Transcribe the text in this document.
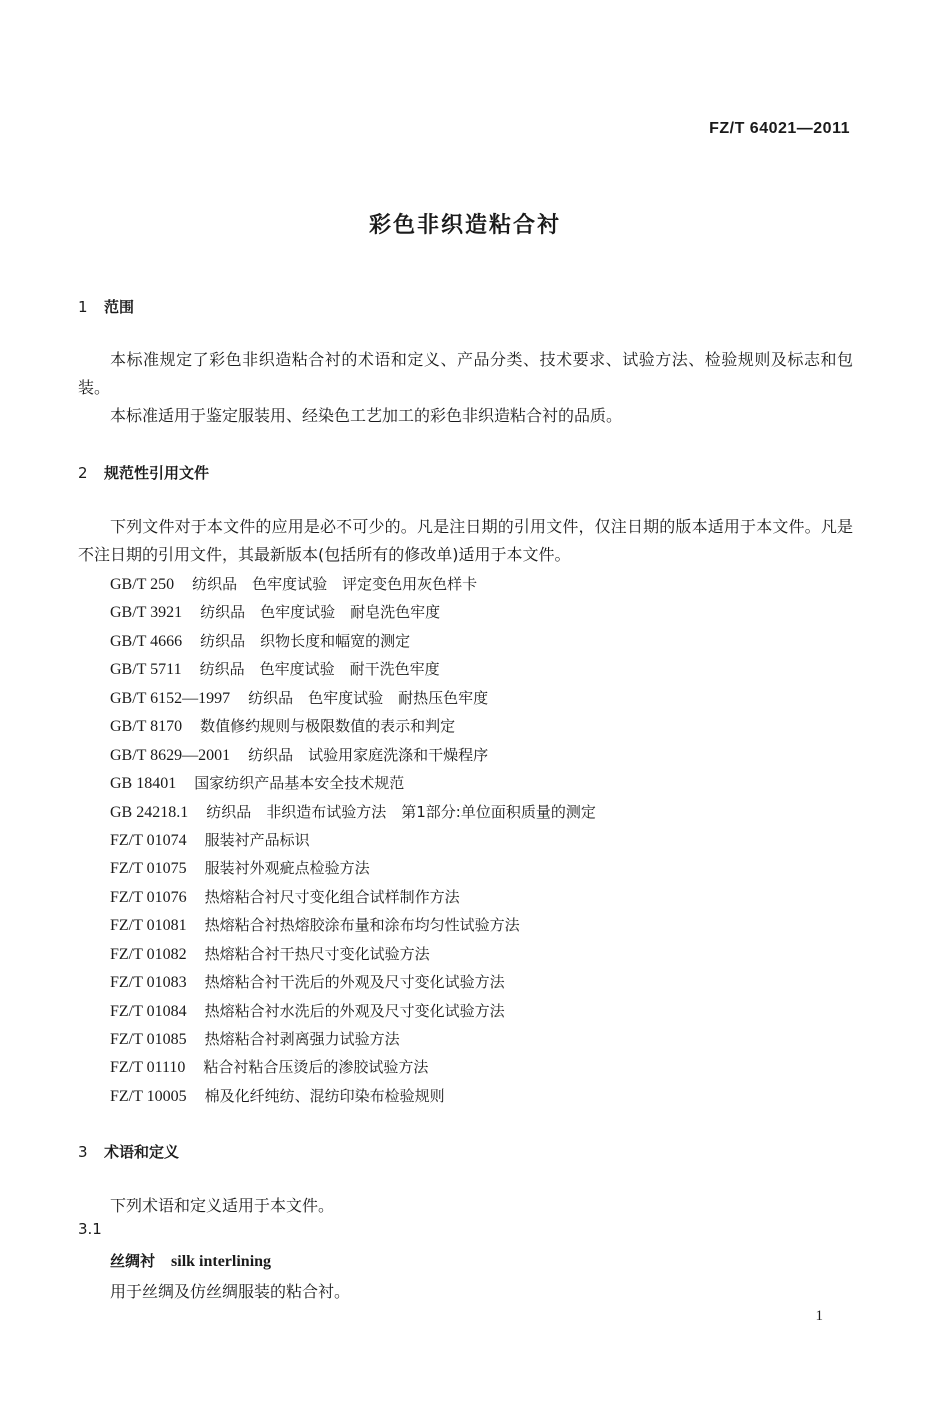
FZ/T 64021—2011
彩色非织造粘合衬
1 范围
本标准规定了彩色非织造粘合衬的术语和定义、产品分类、技术要求、试验方法、检验规则及标志和包装。
本标准适用于鉴定服装用、经染色工艺加工的彩色非织造粘合衬的品质。
2 规范性引用文件
下列文件对于本文件的应用是必不可少的。凡是注日期的引用文件，仅注日期的版本适用于本文件。凡是不注日期的引用文件，其最新版本(包括所有的修改单)适用于本文件。
GB/T 250 纺织品　色牢度试验　评定变色用灰色样卡
GB/T 3921 纺织品　色牢度试验　耐皂洗色牢度
GB/T 4666 纺织品　织物长度和幅宽的测定
GB/T 5711 纺织品　色牢度试验　耐干洗色牢度
GB/T 6152—1997 纺织品　色牢度试验　耐热压色牢度
GB/T 8170 数值修约规则与极限数值的表示和判定
GB/T 8629—2001 纺织品　试验用家庭洗涤和干燥程序
GB 18401 国家纺织产品基本安全技术规范
GB 24218.1 纺织品　非织造布试验方法　第1部分:单位面积质量的测定
FZ/T 01074 服装衬产品标识
FZ/T 01075 服装衬外观疵点检验方法
FZ/T 01076 热熔粘合衬尺寸变化组合试样制作方法
FZ/T 01081 热熔粘合衬热熔胶涂布量和涂布均匀性试验方法
FZ/T 01082 热熔粘合衬干热尺寸变化试验方法
FZ/T 01083 热熔粘合衬干洗后的外观及尺寸变化试验方法
FZ/T 01084 热熔粘合衬水洗后的外观及尺寸变化试验方法
FZ/T 01085 热熔粘合衬剥离强力试验方法
FZ/T 01110 粘合衬粘合压烫后的渗胶试验方法
FZ/T 10005 棉及化纤纯纺、混纺印染布检验规则
3 术语和定义
下列术语和定义适用于本文件。
3.1
丝绸衬 silk interlining
用于丝绸及仿丝绸服装的粘合衬。
1
